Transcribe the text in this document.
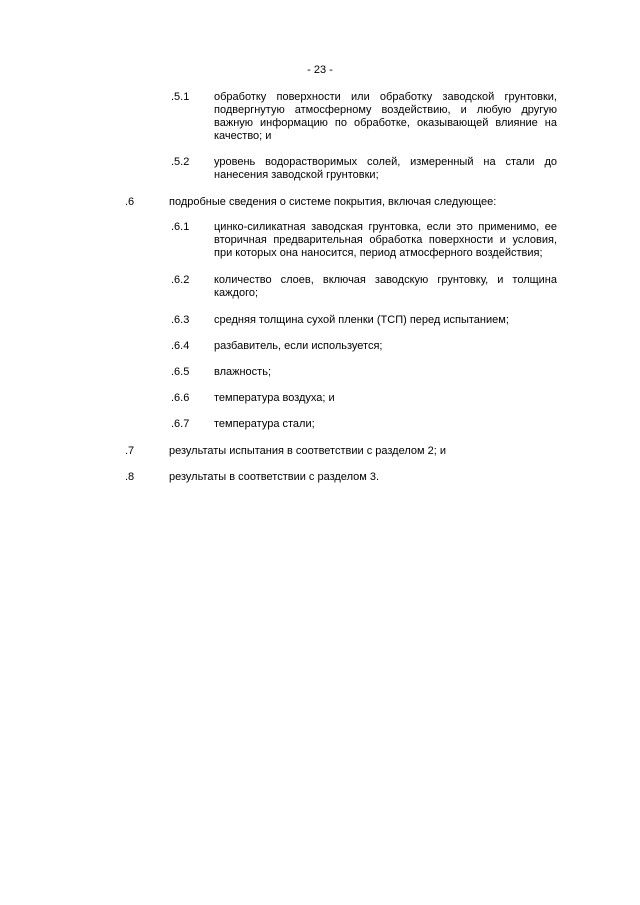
- 23 -
.5.1 обработку поверхности или обработку заводской грунтовки, подвергнутую атмосферному воздействию, и любую другую важную информацию по обработке, оказывающей влияние на качество; и
.5.2 уровень водорастворимых солей, измеренный на стали до нанесения заводской грунтовки;
.6	подробные сведения о системе покрытия, включая следующее:
.6.1 цинко-силикатная заводская грунтовка, если это применимо, ее вторичная предварительная обработка поверхности и условия, при которых она наносится, период атмосферного воздействия;
.6.2 количество слоев, включая заводскую грунтовку, и толщина каждого;
.6.3 средняя толщина сухой пленки (ТСП) перед испытанием;
.6.4 разбавитель, если используется;
.6.5 влажность;
.6.6 температура воздуха; и
.6.7 температура стали;
.7	результаты испытания в соответствии с разделом 2; и
.8	результаты в соответствии с разделом 3.
